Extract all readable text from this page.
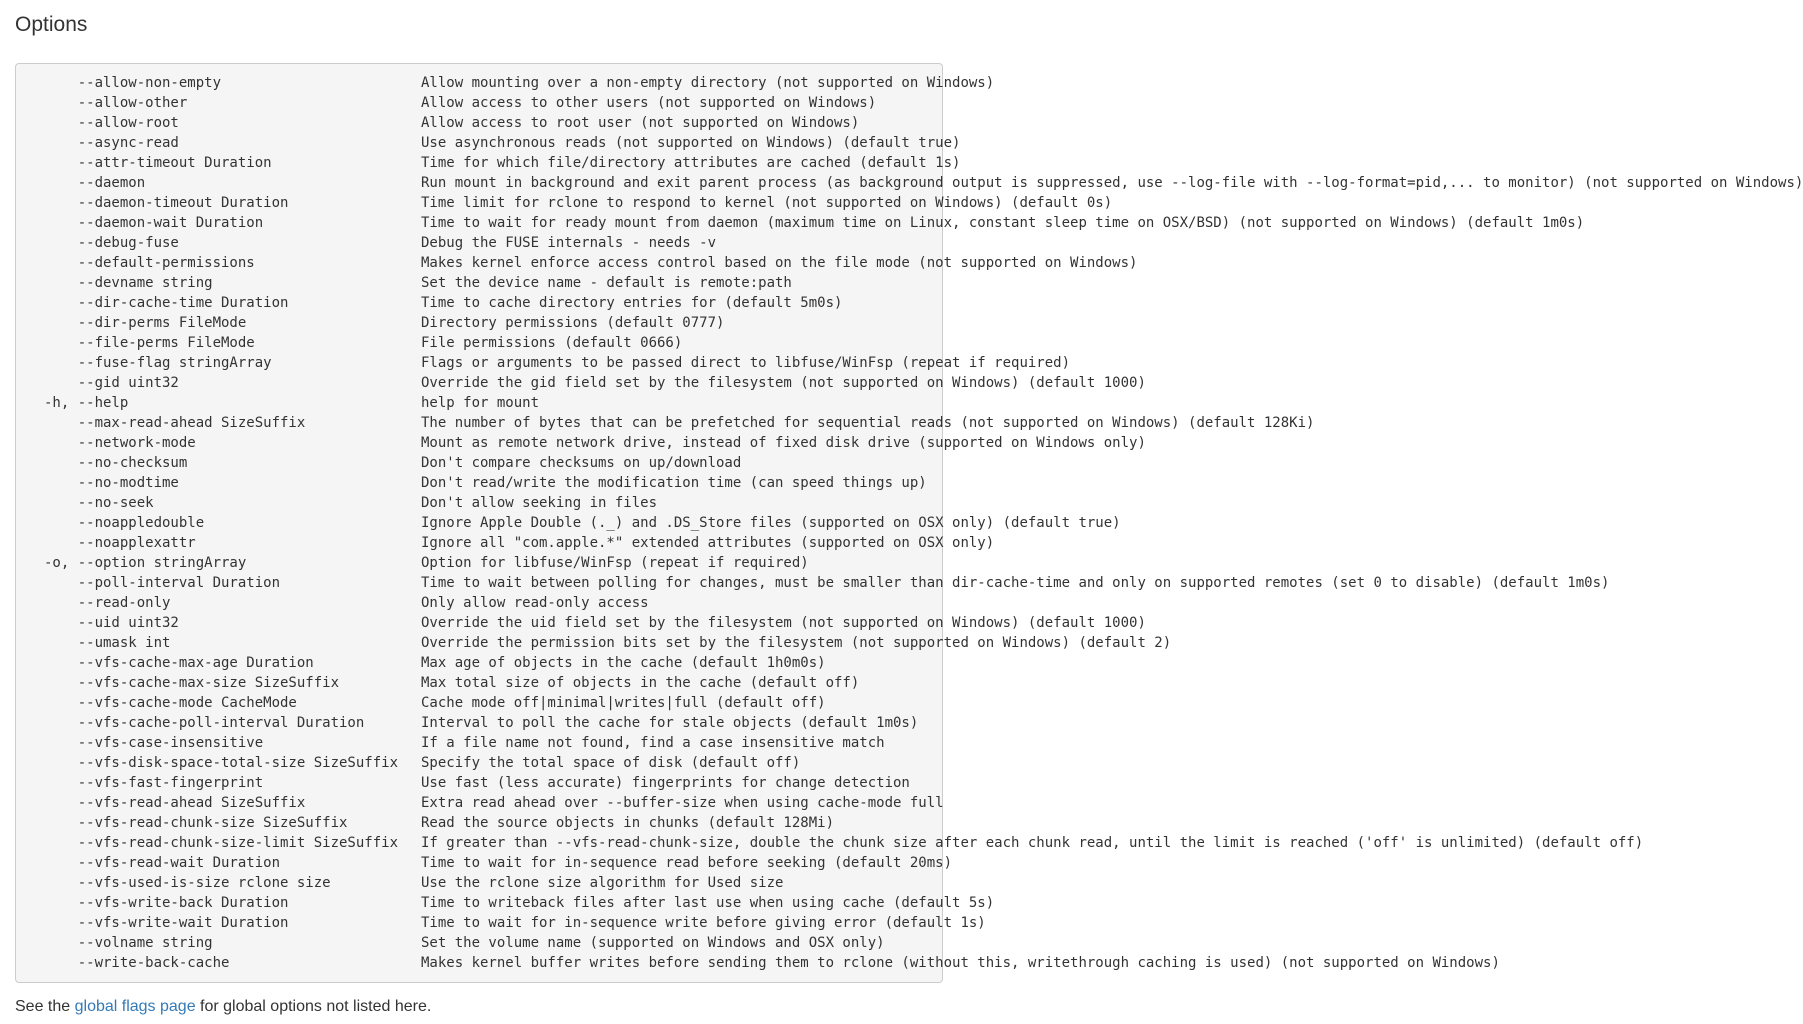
Options
--allow-non-empty	Allow mounting over a non-empty directory (not supported on Windows)
--allow-other	Allow access to other users (not supported on Windows)
--allow-root	Allow access to root user (not supported on Windows)
--async-read	Use asynchronous reads (not supported on Windows) (default true)
--attr-timeout Duration	Time for which file/directory attributes are cached (default 1s)
--daemon	Run mount in background and exit parent process (as background output is suppressed, use --log-file with --log-format=pid,... to monitor) (not supported on Windows)
--daemon-timeout Duration	Time limit for rclone to respond to kernel (not supported on Windows) (default 0s)
--daemon-wait Duration	Time to wait for ready mount from daemon (maximum time on Linux, constant sleep time on OSX/BSD) (not supported on Windows) (default 1m0s)
--debug-fuse	Debug the FUSE internals - needs -v
--default-permissions	Makes kernel enforce access control based on the file mode (not supported on Windows)
--devname string	Set the device name - default is remote:path
--dir-cache-time Duration	Time to cache directory entries for (default 5m0s)
--dir-perms FileMode	Directory permissions (default 0777)
--file-perms FileMode	File permissions (default 0666)
--fuse-flag stringArray	Flags or arguments to be passed direct to libfuse/WinFsp (repeat if required)
--gid uint32	Override the gid field set by the filesystem (not supported on Windows) (default 1000)
-h, --help	help for mount
--max-read-ahead SizeSuffix	The number of bytes that can be prefetched for sequential reads (not supported on Windows) (default 128Ki)
--network-mode	Mount as remote network drive, instead of fixed disk drive (supported on Windows only)
--no-checksum	Don't compare checksums on up/download
--no-modtime	Don't read/write the modification time (can speed things up)
--no-seek	Don't allow seeking in files
--noappledouble	Ignore Apple Double (._) and .DS_Store files (supported on OSX only) (default true)
--noapplexattr	Ignore all "com.apple.*" extended attributes (supported on OSX only)
-o, --option stringArray	Option for libfuse/WinFsp (repeat if required)
--poll-interval Duration	Time to wait between polling for changes, must be smaller than dir-cache-time and only on supported remotes (set 0 to disable) (default 1m0s)
--read-only	Only allow read-only access
--uid uint32	Override the uid field set by the filesystem (not supported on Windows) (default 1000)
--umask int	Override the permission bits set by the filesystem (not supported on Windows) (default 2)
--vfs-cache-max-age Duration	Max age of objects in the cache (default 1h0m0s)
--vfs-cache-max-size SizeSuffix	Max total size of objects in the cache (default off)
--vfs-cache-mode CacheMode	Cache mode off|minimal|writes|full (default off)
--vfs-cache-poll-interval Duration	Interval to poll the cache for stale objects (default 1m0s)
--vfs-case-insensitive	If a file name not found, find a case insensitive match
--vfs-disk-space-total-size SizeSuffix Specify the total space of disk (default off)
--vfs-fast-fingerprint	Use fast (less accurate) fingerprints for change detection
--vfs-read-ahead SizeSuffix	Extra read ahead over --buffer-size when using cache-mode full
--vfs-read-chunk-size SizeSuffix	Read the source objects in chunks (default 128Mi)
--vfs-read-chunk-size-limit SizeSuffix If greater than --vfs-read-chunk-size, double the chunk size after each chunk read, until the limit is reached ('off' is unlimited) (default off)
--vfs-read-wait Duration	Time to wait for in-sequence read before seeking (default 20ms)
--vfs-used-is-size rclone size	Use the rclone size algorithm for Used size
--vfs-write-back Duration	Time to writeback files after last use when using cache (default 5s)
--vfs-write-wait Duration	Time to wait for in-sequence write before giving error (default 1s)
--volname string	Set the volume name (supported on Windows and OSX only)
--write-back-cache	Makes kernel buffer writes before sending them to rclone (without this, writethrough caching is used) (not supported on Windows)

See the global flags page for global options not listed here.
